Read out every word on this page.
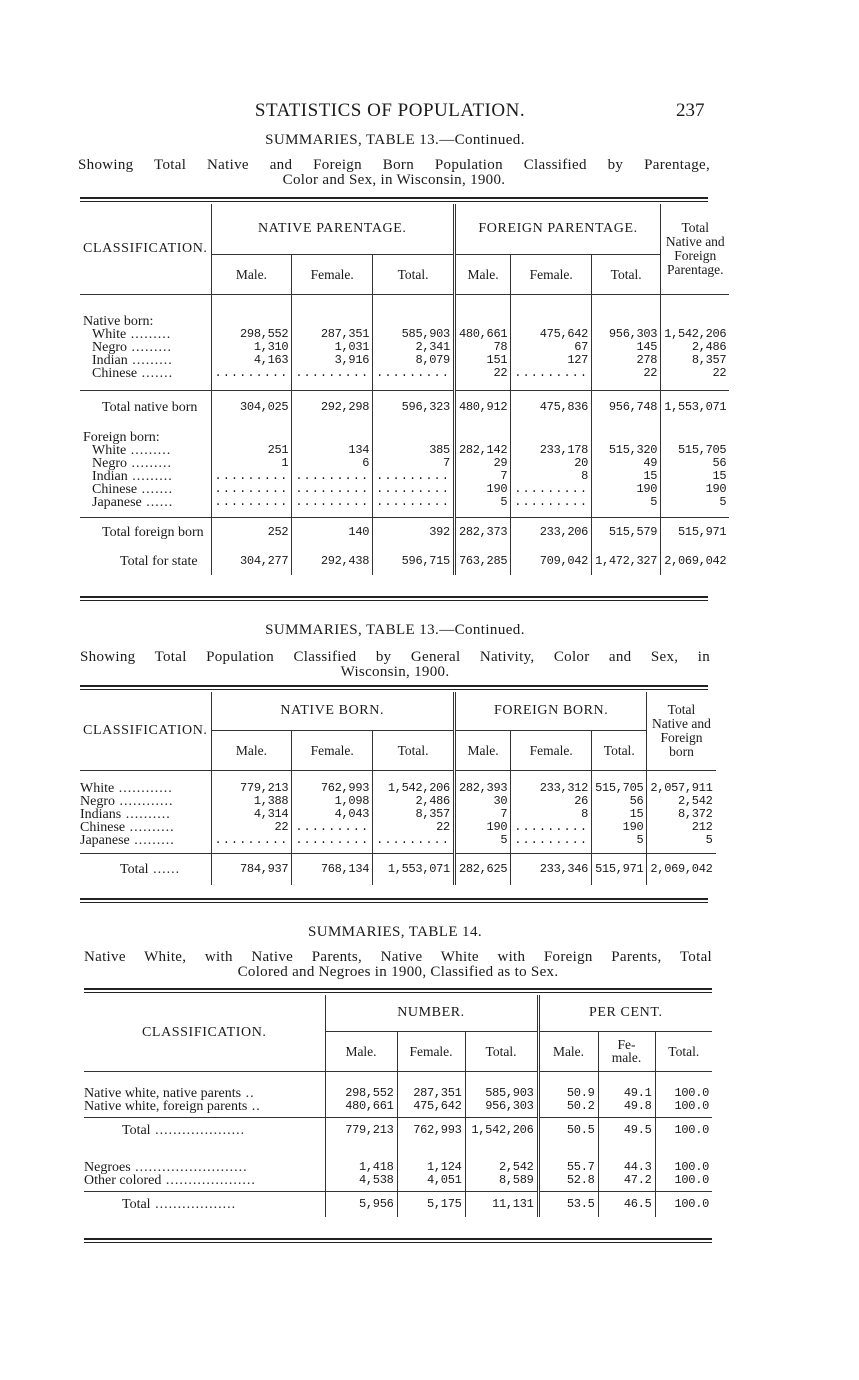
STATISTICS OF POPULATION.	237
SUMMARIES, TABLE 13.—Continued.
Showing Total Native and Foreign Born Population Classified by Parentage,
Color and Sex, in Wisconsin, 1900.
CLASSIFICATION.	NATIVE PARENTAGE.			FOREIGN PARENTAGE.			Total Native and Foreign Parentage.
	Male.	Female.	Total.	Male.	Female.	Total.	

Native born:							
White .........	298,552	287,351	585,903	480,661	475,642	956,303	1,542,206
Negro .........	1,310	1,031	2,341	78	67	145	2,486
Indian .........	4,163	3,916	8,079	151	127	278	8,357
Chinese .......	.........	.........	.........	22	.........	22	22

Total native born	304,025	292,298	596,323	480,912	475,836	956,748	1,553,071

Foreign born:							
White .........	251	134	385	282,142	233,178	515,320	515,705
Negro .........	1	6	7	29	20	49	56
Indian .........	.........	.........	.........	7	8	15	15
Chinese .......	.........	.........	.........	190	.........	190	190
Japanese ......	.........	.........	.........	5	.........	5	5

Total foreign born	252	140	392	282,373	233,206	515,579	515,971
Total for state	304,277	292,438	596,715	763,285	709,042	1,472,327	2,069,042
SUMMARIES, TABLE 13.—Continued.
Showing Total Population Classified by General Nativity, Color and Sex, in
Wisconsin, 1900.
CLASSIFICATION.	NATIVE BORN.			FOREIGN BORN.			Total Native and Foreign born
	Male.	Female.	Total.	Male.	Female.	Total.	

White ............	779,213	762,993	1,542,206	282,393	233,312	515,705	2,057,911
Negro ............	1,388	1,098	2,486	30	26	56	2,542
Indians ..........	4,314	4,043	8,357	7	8	15	8,372
Chinese ..........	22	.........	22	190	.........	190	212
Japanese .........	.........	.........	.........	5	.........	5	5

Total ......	784,937	768,134	1,553,071	282,625	233,346	515,971	2,069,042
SUMMARIES, TABLE 14.
Native White, with Native Parents, Native White with Foreign Parents, Total
Colored and Negroes in 1900, Classified as to Sex.
CLASSIFICATION.	NUMBER.			PER CENT.		
	Male.	Female.	Total.	Male.	Fe- male.	Total.

Native white, native parents ..	298,552	287,351	585,903	50.9	49.1	100.0
Native white, foreign parents ..	480,661	475,642	956,303	50.2	49.8	100.0

Total ....................	779,213	762,993	1,542,206	50.5	49.5	100.0

Negroes .........................	1,418	1,124	2,542	55.7	44.3	100.0
Other colored ....................	4,538	4,051	8,589	52.8	47.2	100.0

Total ..................	5,956	5,175	11,131	53.5	46.5	100.0
